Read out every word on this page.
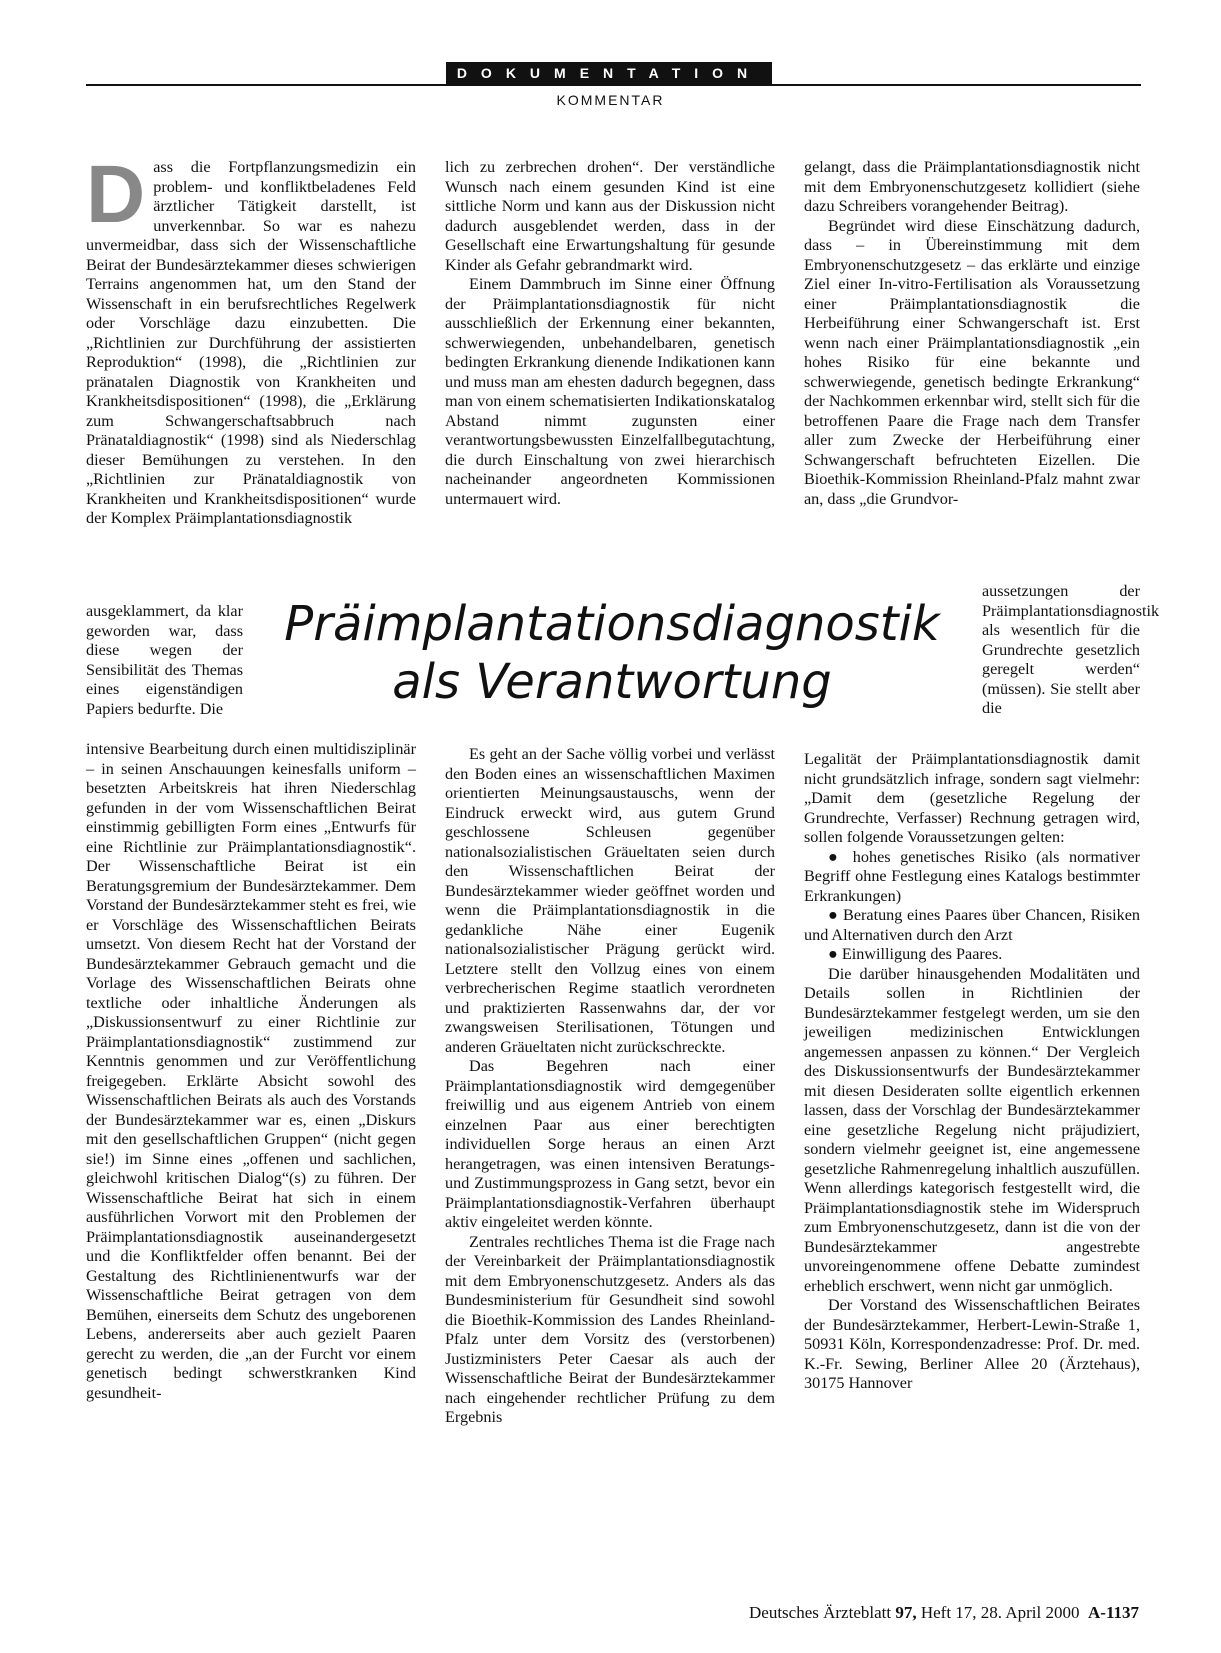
DOKUMENTATION
KOMMENTAR

Dass die Fortpflanzungsmedizin ein problem- und konfliktbeladenes Feld ärztlicher Tätigkeit darstellt, ist unverkennbar. So war es nahezu unvermeidbar, dass sich der Wissenschaftliche Beirat der Bundesärztekammer dieses schwierigen Terrains angenommen hat, um den Stand der Wissenschaft in ein berufsrechtliches Regelwerk oder Vorschläge dazu einzubetten. Die „Richtlinien zur Durchführung der assistierten Reproduktion“ (1998), die „Richtlinien zur pränatalen Diagnostik von Krankheiten und Krankheitsdispositionen“ (1998), die „Erklärung zum Schwangerschaftsabbruch nach Pränataldiagnostik“ (1998) sind als Niederschlag dieser Bemühungen zu verstehen. In den „Richtlinien zur Pränataldiagnostik von Krankheiten und Krankheitsdispositionen“ wurde der Komplex Präimplantationsdiagnostik

ausgeklammert, da klar geworden war, dass diese wegen der Sensibilität des Themas eines eigenständigen Papiers bedurfte. Die

intensive Bearbeitung durch einen multidisziplinär – in seinen Anschauungen keinesfalls uniform – besetzten Arbeitskreis hat ihren Niederschlag gefunden in der vom Wissenschaftlichen Beirat einstimmig gebilligten Form eines „Entwurfs für eine Richtlinie zur Präimplantationsdiagnostik“. Der Wissenschaftliche Beirat ist ein Beratungsgremium der Bundesärztekammer. Dem Vorstand der Bundesärztekammer steht es frei, wie er Vorschläge des Wissenschaftlichen Beirats umsetzt. Von diesem Recht hat der Vorstand der Bundesärztekammer Gebrauch gemacht und die Vorlage des Wissenschaftlichen Beirats ohne textliche oder inhaltliche Änderungen als „Diskussionsentwurf zu einer Richtlinie zur Präimplantationsdiagnostik“ zustimmend zur Kenntnis genommen und zur Veröffentlichung freigegeben. Erklärte Absicht sowohl des Wissenschaftlichen Beirats als auch des Vorstands der Bundesärztekammer war es, einen „Diskurs mit den gesellschaftlichen Gruppen“ (nicht gegen sie!) im Sinne eines „offenen und sachlichen, gleichwohl kritischen Dialog“(s) zu führen. Der Wissenschaftliche Beirat hat sich in einem ausführlichen Vorwort mit den Problemen der Präimplantationsdiagnostik auseinandergesetzt und die Konfliktfelder offen benannt. Bei der Gestaltung des Richtlinienentwurfs war der Wissenschaftliche Beirat getragen von dem Bemühen, einerseits dem Schutz des ungeborenen Lebens, andererseits aber auch gezielt Paaren gerecht zu werden, die „an der Furcht vor einem genetisch bedingt schwerstkranken Kind gesundheit-

lich zu zerbrechen drohen“. Der verständliche Wunsch nach einem gesunden Kind ist eine sittliche Norm und kann aus der Diskussion nicht dadurch ausgeblendet werden, dass in der Gesellschaft eine Erwartungshaltung für gesunde Kinder als Gefahr gebrandmarkt wird.

Einem Dammbruch im Sinne einer Öffnung der Präimplantationsdiagnostik für nicht ausschließlich der Erkennung einer bekannten, schwerwiegenden, unbehandelbaren, genetisch bedingten Erkrankung dienende Indikationen kann und muss man am ehesten dadurch begegnen, dass man von einem schematisierten Indikationskatalog Abstand nimmt zugunsten einer verantwortungsbewussten Einzelfallbegutachtung, die durch Einschaltung von zwei hierarchisch nacheinander angeordneten Kommissionen untermauert wird.

Präimplantationsdiagnostik
als Verantwortung

Es geht an der Sache völlig vorbei und verlässt den Boden eines an wissenschaftlichen Maximen orientierten Meinungsaustauschs, wenn der Eindruck erweckt wird, aus gutem Grund geschlossene Schleusen gegenüber nationalsozialistischen Gräueltaten seien durch den Wissenschaftlichen Beirat der Bundesärztekammer wieder geöffnet worden und wenn die Präimplantationsdiagnostik in die gedankliche Nähe einer Eugenik nationalsozialistischer Prägung gerückt wird. Letztere stellt den Vollzug eines von einem verbrecherischen Regime staatlich verordneten und praktizierten Rassenwahns dar, der vor zwangsweisen Sterilisationen, Tötungen und anderen Gräueltaten nicht zurückschreckte.

Das Begehren nach einer Präimplantationsdiagnostik wird demgegenüber freiwillig und aus eigenem Antrieb von einem einzelnen Paar aus einer berechtigten individuellen Sorge heraus an einen Arzt herangetragen, was einen intensiven Beratungs- und Zustimmungsprozess in Gang setzt, bevor ein Präimplantationsdiagnostik-Verfahren überhaupt aktiv eingeleitet werden könnte.

Zentrales rechtliches Thema ist die Frage nach der Vereinbarkeit der Präimplantationsdiagnostik mit dem Embryonenschutzgesetz. Anders als das Bundesministerium für Gesundheit sind sowohl die Bioethik-Kommission des Landes Rheinland-Pfalz unter dem Vorsitz des (verstorbenen) Justizministers Peter Caesar als auch der Wissenschaftliche Beirat der Bundesärztekammer nach eingehender rechtlicher Prüfung zu dem Ergebnis

gelangt, dass die Präimplantationsdiagnostik nicht mit dem Embryonenschutzgesetz kollidiert (siehe dazu Schreibers vorangehender Beitrag).

Begründet wird diese Einschätzung dadurch, dass – in Übereinstimmung mit dem Embryonenschutzgesetz – das erklärte und einzige Ziel einer In-vitro-Fertilisation als Voraussetzung einer Präimplantationsdiagnostik die Herbeiführung einer Schwangerschaft ist. Erst wenn nach einer Präimplantationsdiagnostik „ein hohes Risiko für eine bekannte und schwerwiegende, genetisch bedingte Erkrankung“ der Nachkommen erkennbar wird, stellt sich für die betroffenen Paare die Frage nach dem Transfer aller zum Zwecke der Herbeiführung einer Schwangerschaft befruchteten Eizellen. Die Bioethik-Kommission Rheinland-Pfalz mahnt zwar an, dass „die Grundvor-

aussetzungen der Präimplantationsdiagnostik als wesentlich für die Grundrechte gesetzlich geregelt werden“ (müssen). Sie stellt aber die

Legalität der Präimplantationsdiagnostik damit nicht grundsätzlich infrage, sondern sagt vielmehr: „Damit dem (gesetzliche Regelung der Grundrechte, Verfasser) Rechnung getragen wird, sollen folgende Voraussetzungen gelten:

● hohes genetisches Risiko (als normativer Begriff ohne Festlegung eines Katalogs bestimmter Erkrankungen)

● Beratung eines Paares über Chancen, Risiken und Alternativen durch den Arzt

● Einwilligung des Paares.

Die darüber hinausgehenden Modalitäten und Details sollen in Richtlinien der Bundesärztekammer festgelegt werden, um sie den jeweiligen medizinischen Entwicklungen angemessen anpassen zu können.“ Der Vergleich des Diskussionsentwurfs der Bundesärztekammer mit diesen Desideraten sollte eigentlich erkennen lassen, dass der Vorschlag der Bundesärztekammer eine gesetzliche Regelung nicht präjudiziert, sondern vielmehr geeignet ist, eine angemessene gesetzliche Rahmenregelung inhaltlich auszufüllen. Wenn allerdings kategorisch festgestellt wird, die Präimplantationsdiagnostik stehe im Widerspruch zum Embryonenschutzgesetz, dann ist die von der Bundesärztekammer angestrebte unvoreingenommene offene Debatte zumindest erheblich erschwert, wenn nicht gar unmöglich.

Der Vorstand des Wissenschaftlichen Beirates der Bundesärztekammer, Herbert-Lewin-Straße 1, 50931 Köln, Korrespondenzadresse: Prof. Dr. med. K.-Fr. Sewing, Berliner Allee 20 (Ärztehaus), 30175 Hannover

Deutsches Ärzteblatt 97, Heft 17, 28. April 2000 A-1137
